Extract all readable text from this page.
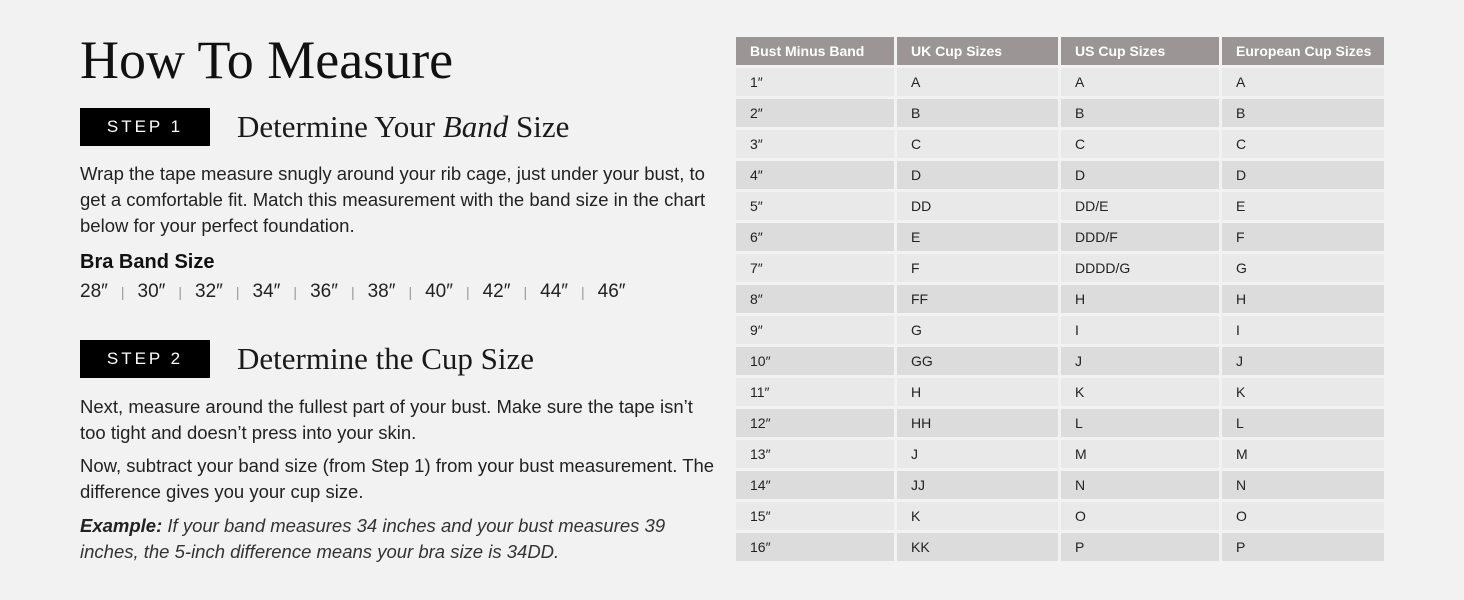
How To Measure
STEP 1	Determine Your Band Size

Wrap the tape measure snugly around your rib cage, just under your bust, to get a comfortable fit. Match this measurement with the band size in the chart below for your perfect foundation.

Bra Band Size
28″ | 30″ | 32″ | 34″ | 36″ | 38″ | 40″ | 42″ | 44″ | 46″
STEP 2	Determine the Cup Size

Next, measure around the fullest part of your bust. Make sure the tape isn’t too tight and doesn’t press into your skin.

Now, subtract your band size (from Step 1) from your bust measurement. The difference gives you your cup size.

Example: If your band measures 34 inches and your bust measures 39 inches, the 5-inch difference means your bra size is 34DD.

Bust Minus Band	UK Cup Sizes	US Cup Sizes	European Cup Sizes
1″	A	A	A
2″	B	B	B
3″	C	C	C
4″	D	D	D
5″	DD	DD/E	E
6″	E	DDD/F	F
7″	F	DDDD/G	G
8″	FF	H	H
9″	G	I	I
10″	GG	J	J
11″	H	K	K
12″	HH	L	L
13″	J	M	M
14″	JJ	N	N
15″	K	O	O
16″	KK	P	P
